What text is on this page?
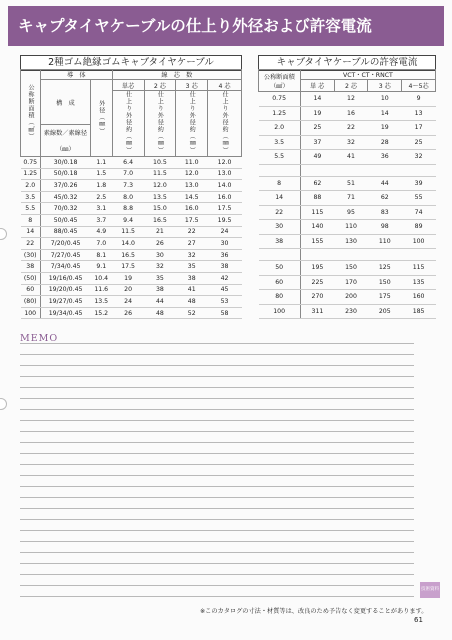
キャプタイヤケーブルの仕上り外径および許容電流
2種ゴム絶縁ゴムキャブタイヤケーブル
公称断面積（㎟）	導　体		線　芯　数			
	構　成	外径（㎜）	単芯	2 芯	3 芯	4 芯
			仕上り外径約（㎜）	仕上り外径約（㎜）	仕上り外径約（㎜）	仕上り外径約（㎜）
	素線数／素線径

（㎜）					
0.75	30/0.18	1.1	6.4	10.5	11.0	12.0
1.25	50/0.18	1.5	7.0	11.5	12.0	13.0
2.0	37/0.26	1.8	7.3	12.0	13.0	14.0
3.5	45/0.32	2.5	8.0	13.5	14.5	16.0
5.5	70/0.32	3.1	8.8	15.0	16.0	17.5
8	50/0.45	3.7	9.4	16.5	17.5	19.5
14	88/0.45	4.9	11.5	21	22	24
22	7/20/0.45	7.0	14.0	26	27	30
(30)	7/27/0.45	8.1	16.5	30	32	36
38	7/34/0.45	9.1	17.5	32	35	38
(50)	19/16/0.45	10.4	19	35	38	42
60	19/20/0.45	11.6	20	38	41	45
(80)	19/27/0.45	13.5	24	44	48	53
100	19/34/0.45	15.2	26	48	52	58
キャブタイヤケーブルの許容電流
公称断面積
（㎟）	VCT・CT・RNCT			
	単 芯	2 芯	3 芯	4～5芯
0.75	14	12	10	9
1.25	19	16	14	13
2.0	25	22	19	17
3.5	37	32	28	25
5.5	49	41	36	32

8	62	51	44	39
14	88	71	62	55
22	115	95	83	74
30	140	110	98	89
38	155	130	110	100

50	195	150	125	115
60	225	170	150	135
80	270	200	175	160
100	311	230	205	185
MEMO
技術資料
※このカタログの寸法・材質等は、改良のため予告なく変更することがあります。
61
